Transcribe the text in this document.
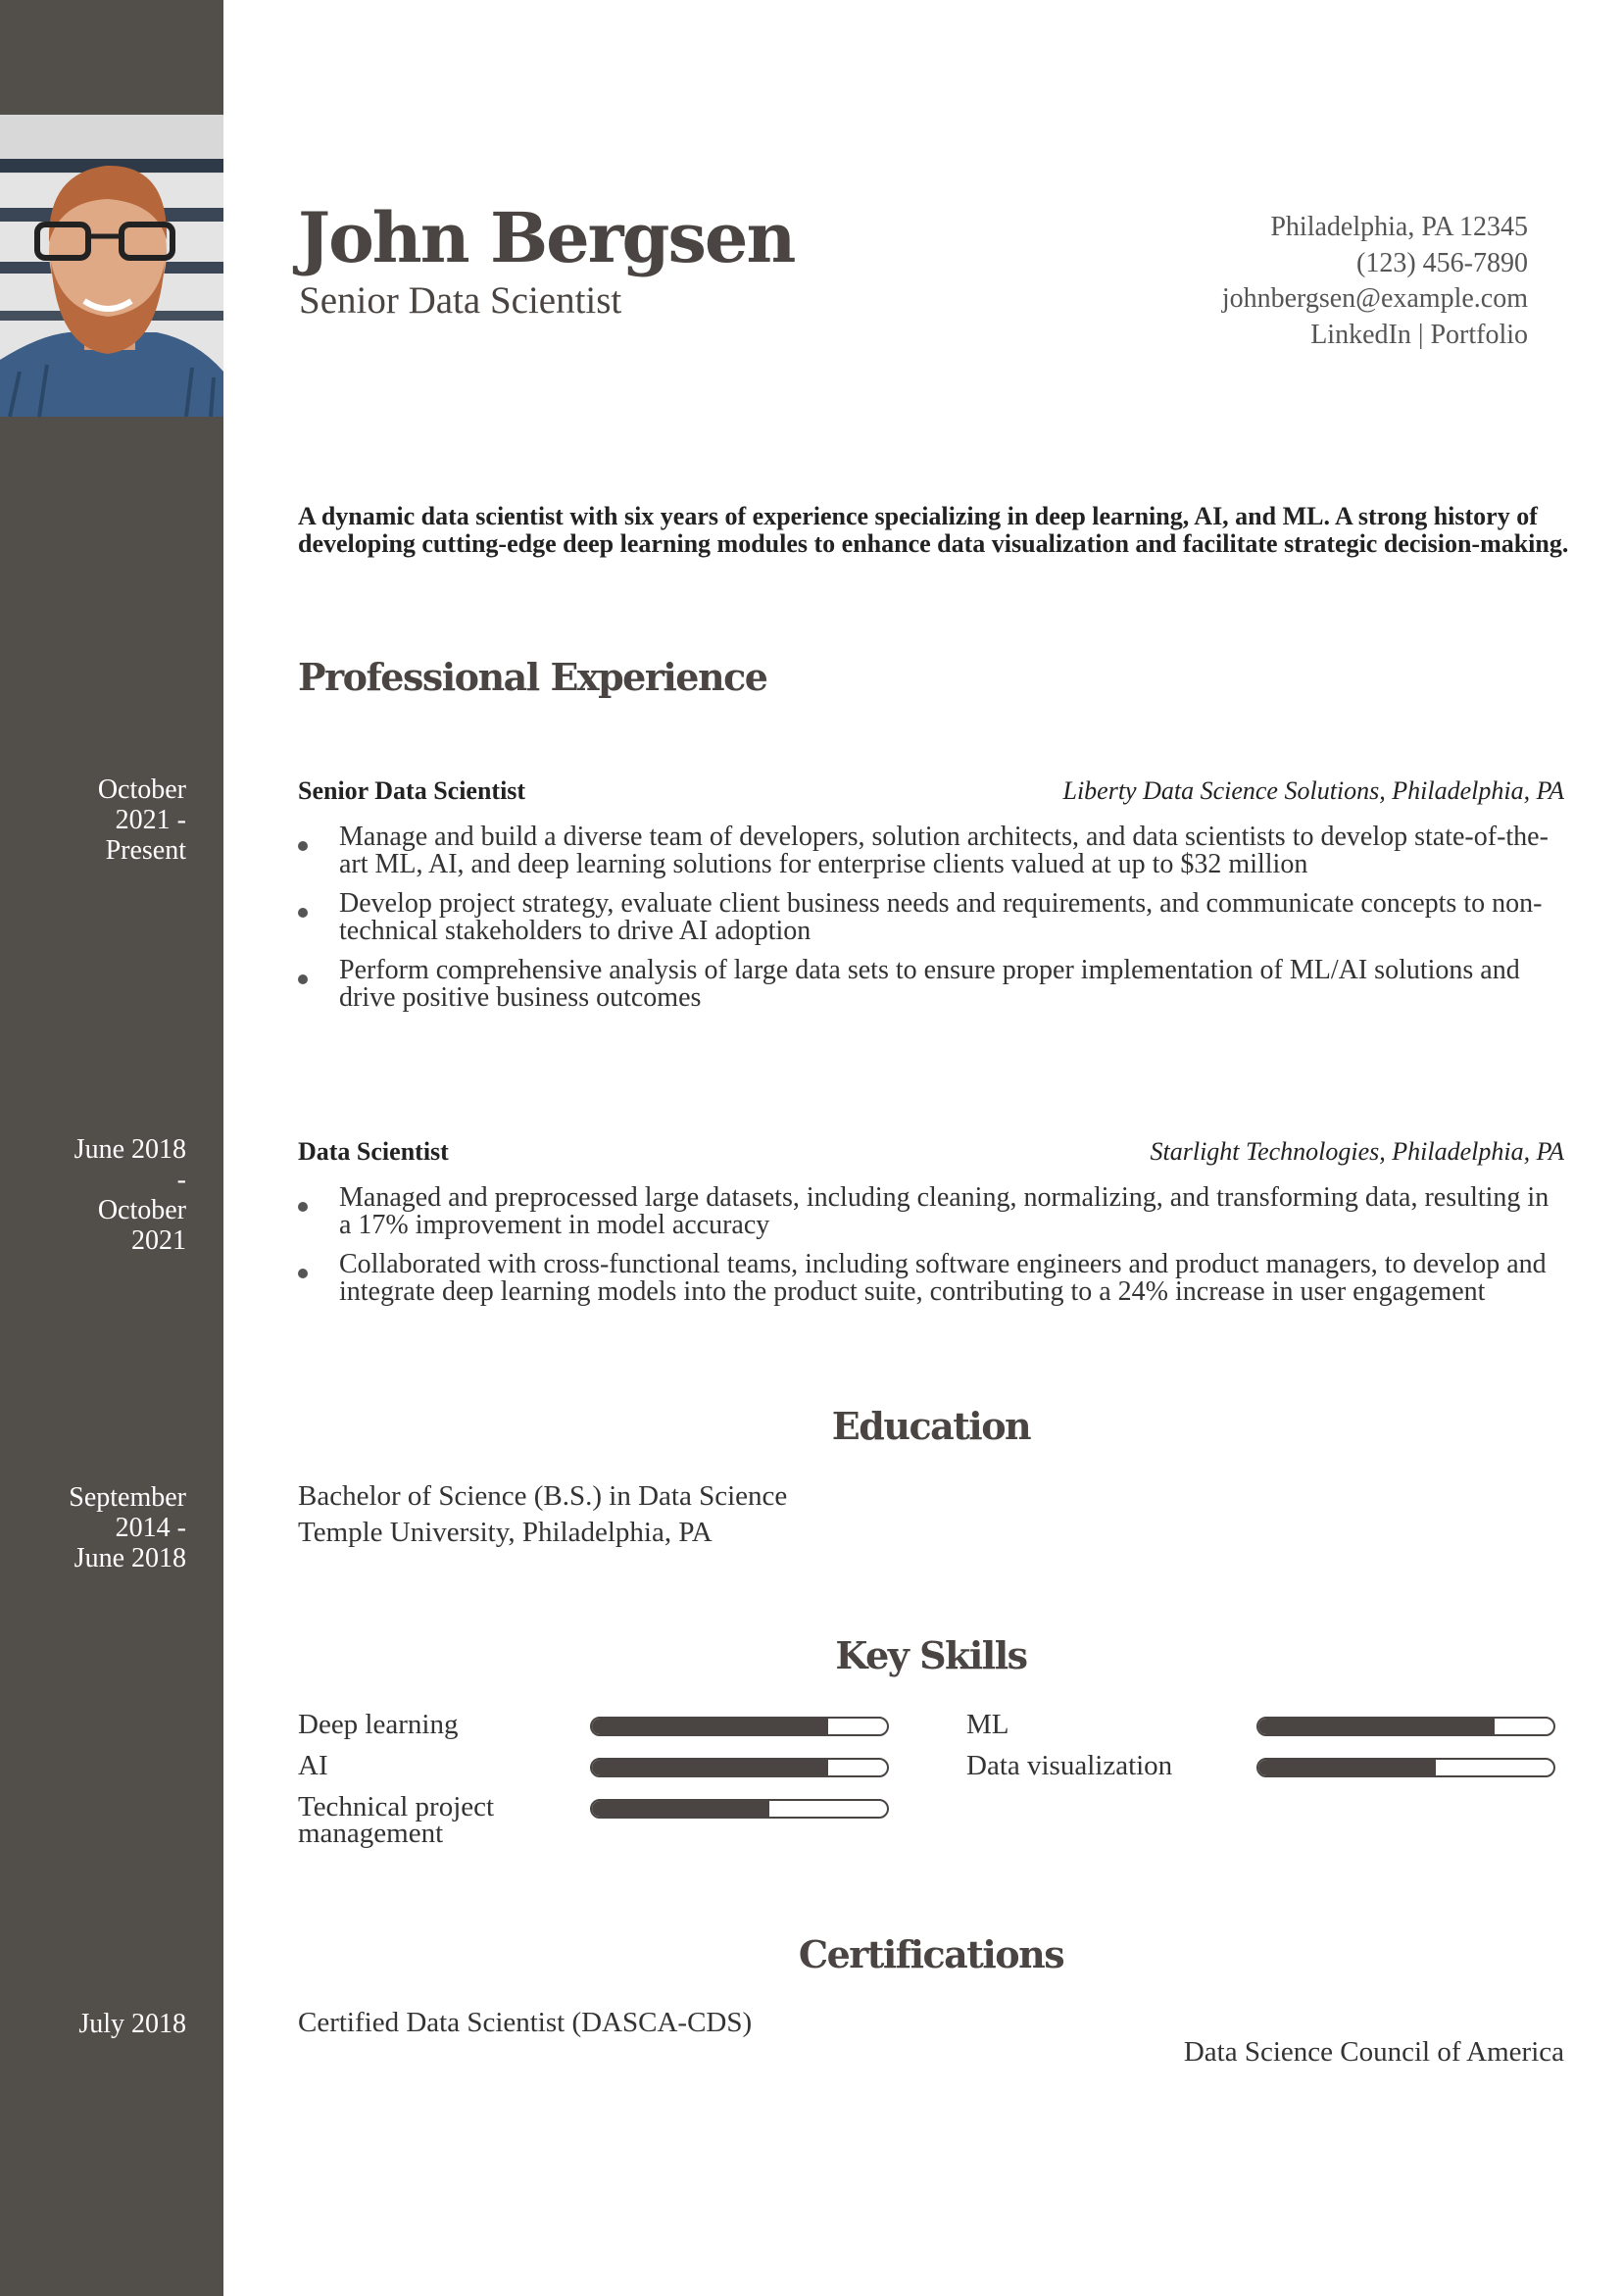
John Bergsen
Senior Data Scientist
Philadelphia, PA 12345
(123) 456-7890
johnbergsen@example.com
LinkedIn | Portfolio

A dynamic data scientist with six years of experience specializing in deep learning, AI, and ML. A strong history of developing cutting-edge deep learning modules to enhance data visualization and facilitate strategic decision-making.

Professional Experience
October
2021 -
Present
Senior Data Scientist	Liberty Data Science Solutions, Philadelphia, PA
Manage and build a diverse team of developers, solution architects, and data scientists to develop state-of-the-art ML, AI, and deep learning solutions for enterprise clients valued at up to $32 million
Develop project strategy, evaluate client business needs and requirements, and communicate concepts to non-technical stakeholders to drive AI adoption
Perform comprehensive analysis of large data sets to ensure proper implementation of ML/AI solutions and drive positive business outcomes
June 2018
-
October
2021
Data Scientist	Starlight Technologies, Philadelphia, PA
Managed and preprocessed large datasets, including cleaning, normalizing, and transforming data, resulting in a 17% improvement in model accuracy
Collaborated with cross-functional teams, including software engineers and product managers, to develop and integrate deep learning models into the product suite, contributing to a 24% increase in user engagement
Education
September
2014 -
June 2018
Bachelor of Science (B.S.) in Data Science
Temple University, Philadelphia, PA
Key Skills
Deep learning	ML
AI	Data visualization
Technical project management
Certifications
July 2018	Certified Data Scientist (DASCA-CDS)
Data Science Council of America
